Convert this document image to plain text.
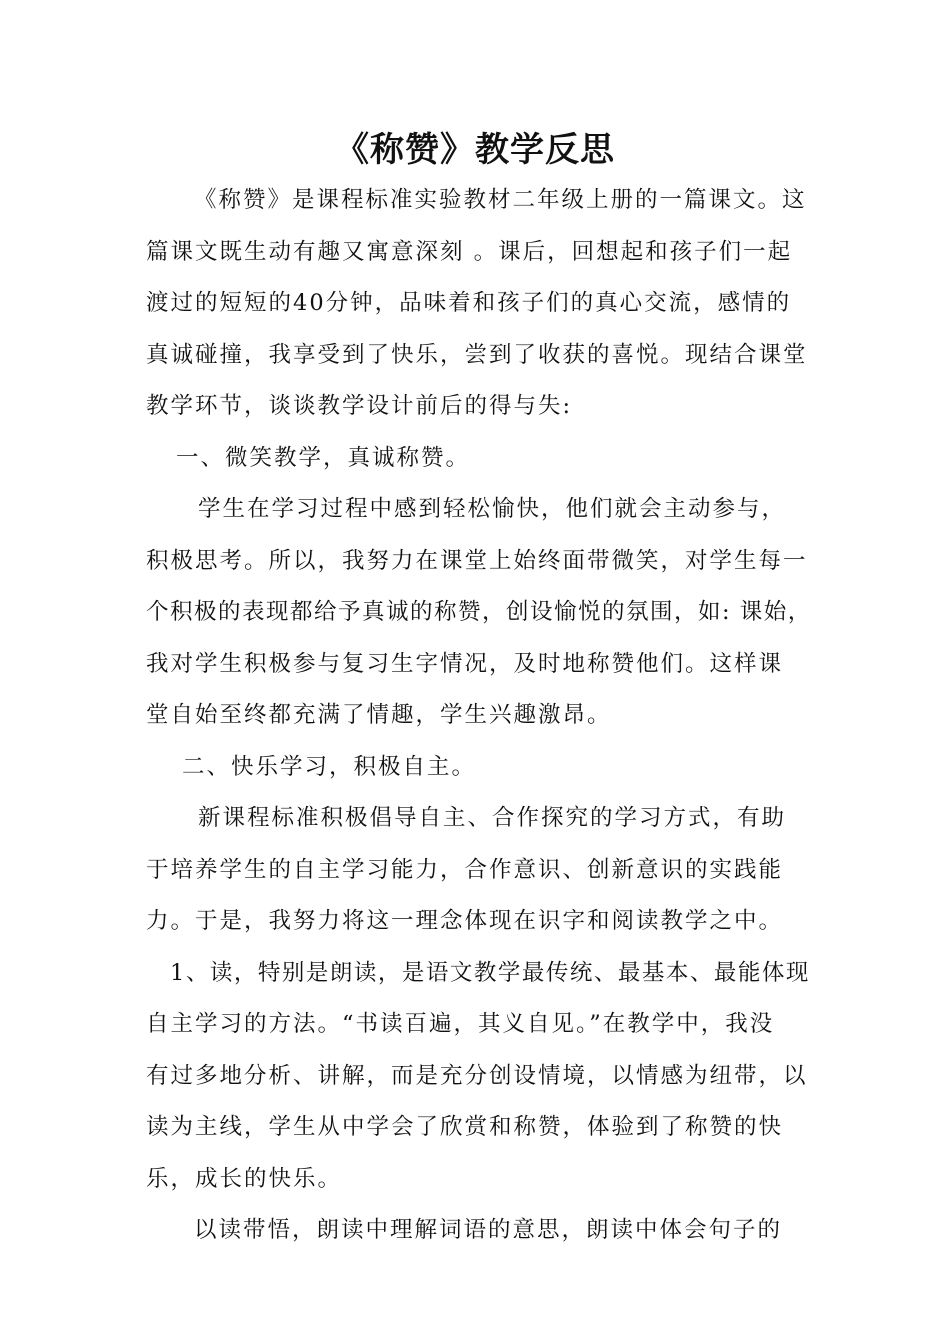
《称赞》教学反思
《称赞》是课程标准实验教材二年级上册的一篇课文。这
篇课文既生动有趣又寓意深刻 。课后，回想起和孩子们一起
渡过的短短的40分钟，品味着和孩子们的真心交流，感情的
真诚碰撞，我享受到了快乐，尝到了收获的喜悦。现结合课堂
教学环节，谈谈教学设计前后的得与失:
一、微笑教学，真诚称赞。
学生在学习过程中感到轻松愉快，他们就会主动参与，
积极思考。所以，我努力在课堂上始终面带微笑，对学生每一
个积极的表现都给予真诚的称赞，创设愉悦的氛围，如: 课始，
我对学生积极参与复习生字情况，及时地称赞他们。这样课
堂自始至终都充满了情趣，学生兴趣激昂。
二、快乐学习，积极自主。
新课程标准积极倡导自主、合作探究的学习方式，有助
于培养学生的自主学习能力，合作意识、创新意识的实践能
力。于是，我努力将这一理念体现在识字和阅读教学之中。
1、读，特别是朗读，是语文教学最传统、最基本、最能体现
自主学习的方法。“书读百遍，其义自见。”在教学中，我没
有过多地分析、讲解，而是充分创设情境，以情感为纽带，以
读为主线，学生从中学会了欣赏和称赞，体验到了称赞的快
乐，成长的快乐。
以读带悟，朗读中理解词语的意思，朗读中体会句子的
